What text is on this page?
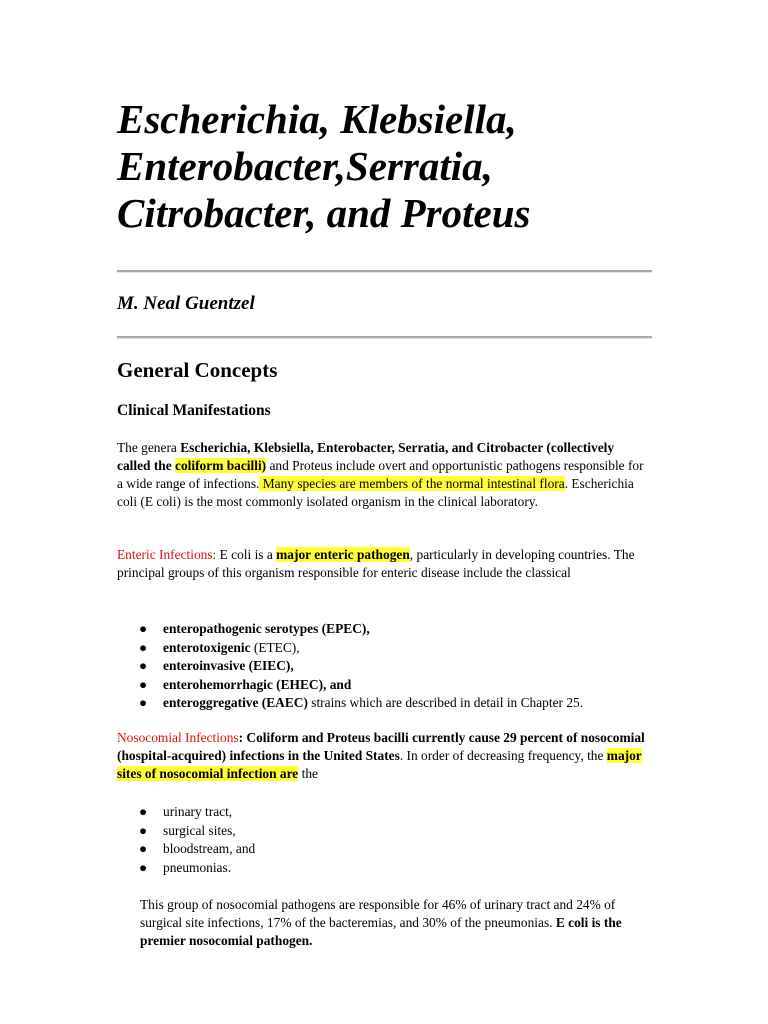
Escherichia, Klebsiella,
Enterobacter,Serratia,
Citrobacter, and Proteus

M. Neal Guentzel

General Concepts
Clinical Manifestations

The genera Escherichia, Klebsiella, Enterobacter, Serratia, and Citrobacter (collectively called the coliform bacilli) and Proteus include overt and opportunistic pathogens responsible for a wide range of infections. Many species are members of the normal intestinal flora. Escherichia coli (E coli) is the most commonly isolated organism in the clinical laboratory.

Enteric Infections: E coli is a major enteric pathogen, particularly in developing countries. The principal groups of this organism responsible for enteric disease include the classical

● enteropathogenic serotypes (EPEC),
● enterotoxigenic (ETEC),
● enteroinvasive (EIEC),
● enterohemorrhagic (EHEC), and
● enteroggregative (EAEC) strains which are described in detail in Chapter 25.

Nosocomial Infections: Coliform and Proteus bacilli currently cause 29 percent of nosocomial (hospital-acquired) infections in the United States. In order of decreasing frequency, the major sites of nosocomial infection are the

● urinary tract,
● surgical sites,
● bloodstream, and
● pneumonias.

This group of nosocomial pathogens are responsible for 46% of urinary tract and 24% of surgical site infections, 17% of the bacteremias, and 30% of the pneumonias. E coli is the premier nosocomial pathogen.
